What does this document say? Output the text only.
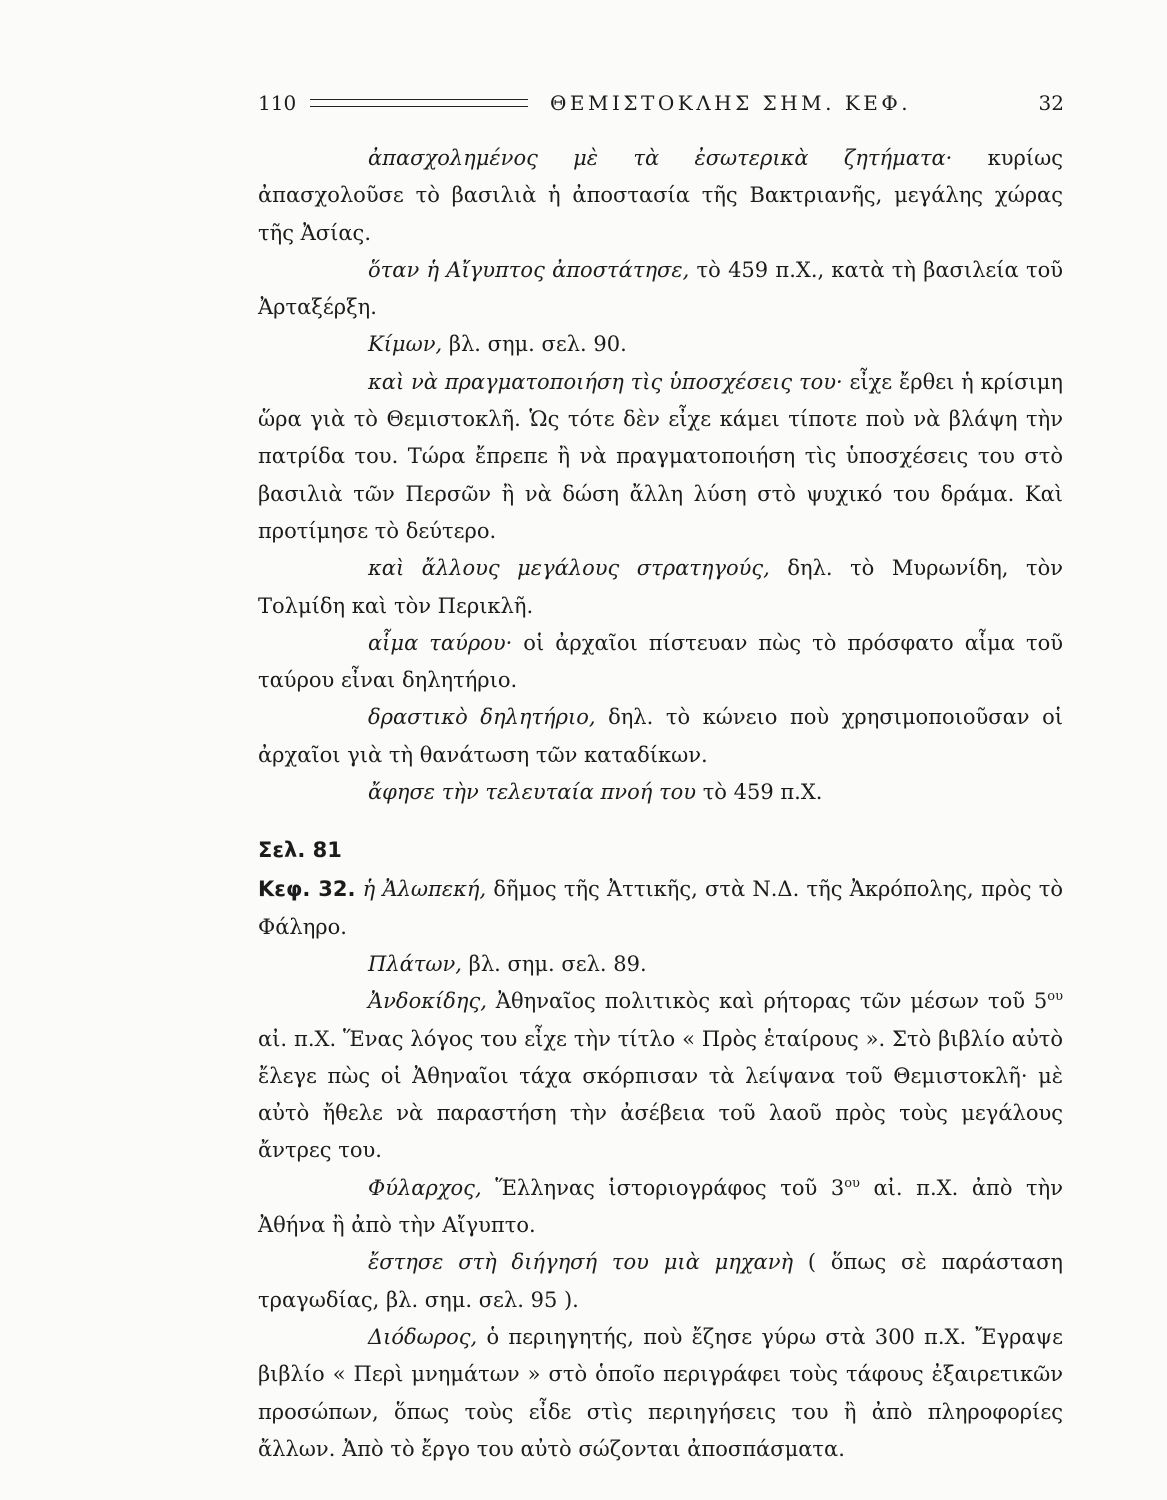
110	ΘΕΜΙΣΤΟΚΛΗΣ ΣΗΜ. ΚΕΦ.	32

ἀπασχολημένος μὲ τὰ ἐσωτερικὰ ζητήματα· κυρίως ἀπασχολοῦσε τὸ βασιλιὰ ἡ ἀποστασία τῆς Βακτριανῆς, μεγάλης χώρας τῆς Ἀσίας.

ὅταν ἡ Αἴγυπτος ἀποστάτησε, τὸ 459 π.Χ., κατὰ τὴ βασιλεία τοῦ Ἀρταξέρξη.

Κίμων, βλ. σημ. σελ. 90.

καὶ νὰ πραγματοποιήση τὶς ὑποσχέσεις του· εἶχε ἔρθει ἡ κρίσιμη ὥρα γιὰ τὸ Θεμιστοκλῆ. Ὡς τότε δὲν εἶχε κάμει τίποτε ποὺ νὰ βλάψη τὴν πατρίδα του. Τώρα ἔπρεπε ἢ νὰ πραγματοποιήση τὶς ὑποσχέσεις του στὸ βασιλιὰ τῶν Περσῶν ἢ νὰ δώση ἄλλη λύση στὸ ψυχικό του δράμα. Καὶ προτίμησε τὸ δεύτερο.

καὶ ἄλλους μεγάλους στρατηγούς, δηλ. τὸ Μυρωνίδη, τὸν Τολμίδη καὶ τὸν Περικλῆ.

αἷμα ταύρου· οἱ ἀρχαῖοι πίστευαν πὼς τὸ πρόσφατο αἷμα τοῦ ταύρου εἶναι δηλητήριο.

δραστικὸ δηλητήριο, δηλ. τὸ κώνειο ποὺ χρησιμοποιοῦσαν οἱ ἀρχαῖοι γιὰ τὴ θανάτωση τῶν καταδίκων.

ἄφησε τὴν τελευταία πνοή του τὸ 459 π.Χ.

Σελ. 81

Κεφ. 32. ἡ Ἀλωπεκή, δῆμος τῆς Ἀττικῆς, στὰ Ν.Δ. τῆς Ἀκρόπολης, πρὸς τὸ Φάληρο.

Πλάτων, βλ. σημ. σελ. 89.

Ἀνδοκίδης, Ἀθηναῖος πολιτικὸς καὶ ρήτορας τῶν μέσων τοῦ $5^{o\upsilon}$ αἰ. π.Χ. Ἕνας λόγος του εἶχε τὴν τίτλο « Πρὸς ἑταίρους ». Στὸ βιβλίο αὐτὸ ἔλεγε πὼς οἱ Ἀθηναῖοι τάχα σκόρπισαν τὰ λείψανα τοῦ Θεμιστοκλῆ· μὲ αὐτὸ ἤθελε νὰ παραστήση τὴν ἀσέβεια τοῦ λαοῦ πρὸς τοὺς μεγάλους ἄντρες του.

Φύλαρχος, Ἕλληνας ἱστοριογράφος τοῦ $3^{o\upsilon}$ αἰ. π.Χ. ἀπὸ τὴν Ἀθήνα ἢ ἀπὸ τὴν Αἴγυπτο.

ἔστησε στὴ διήγησή του μιὰ μηχανὴ ( ὅπως σὲ παράσταση τραγωδίας, βλ. σημ. σελ. 95 ).

Διόδωρος, ὁ περιηγητής, ποὺ ἔζησε γύρω στὰ 300 π.Χ. Ἔγραψε βιβλίο « Περὶ μνημάτων » στὸ ὁποῖο περιγράφει τοὺς τάφους ἐξαιρετικῶν προσώπων, ὅπως τοὺς εἶδε στὶς περιηγήσεις του ἢ ἀπὸ πληροφορίες ἄλλων. Ἀπὸ τὸ ἔργο του αὐτὸ σώζονται ἀποσπάσματα.
